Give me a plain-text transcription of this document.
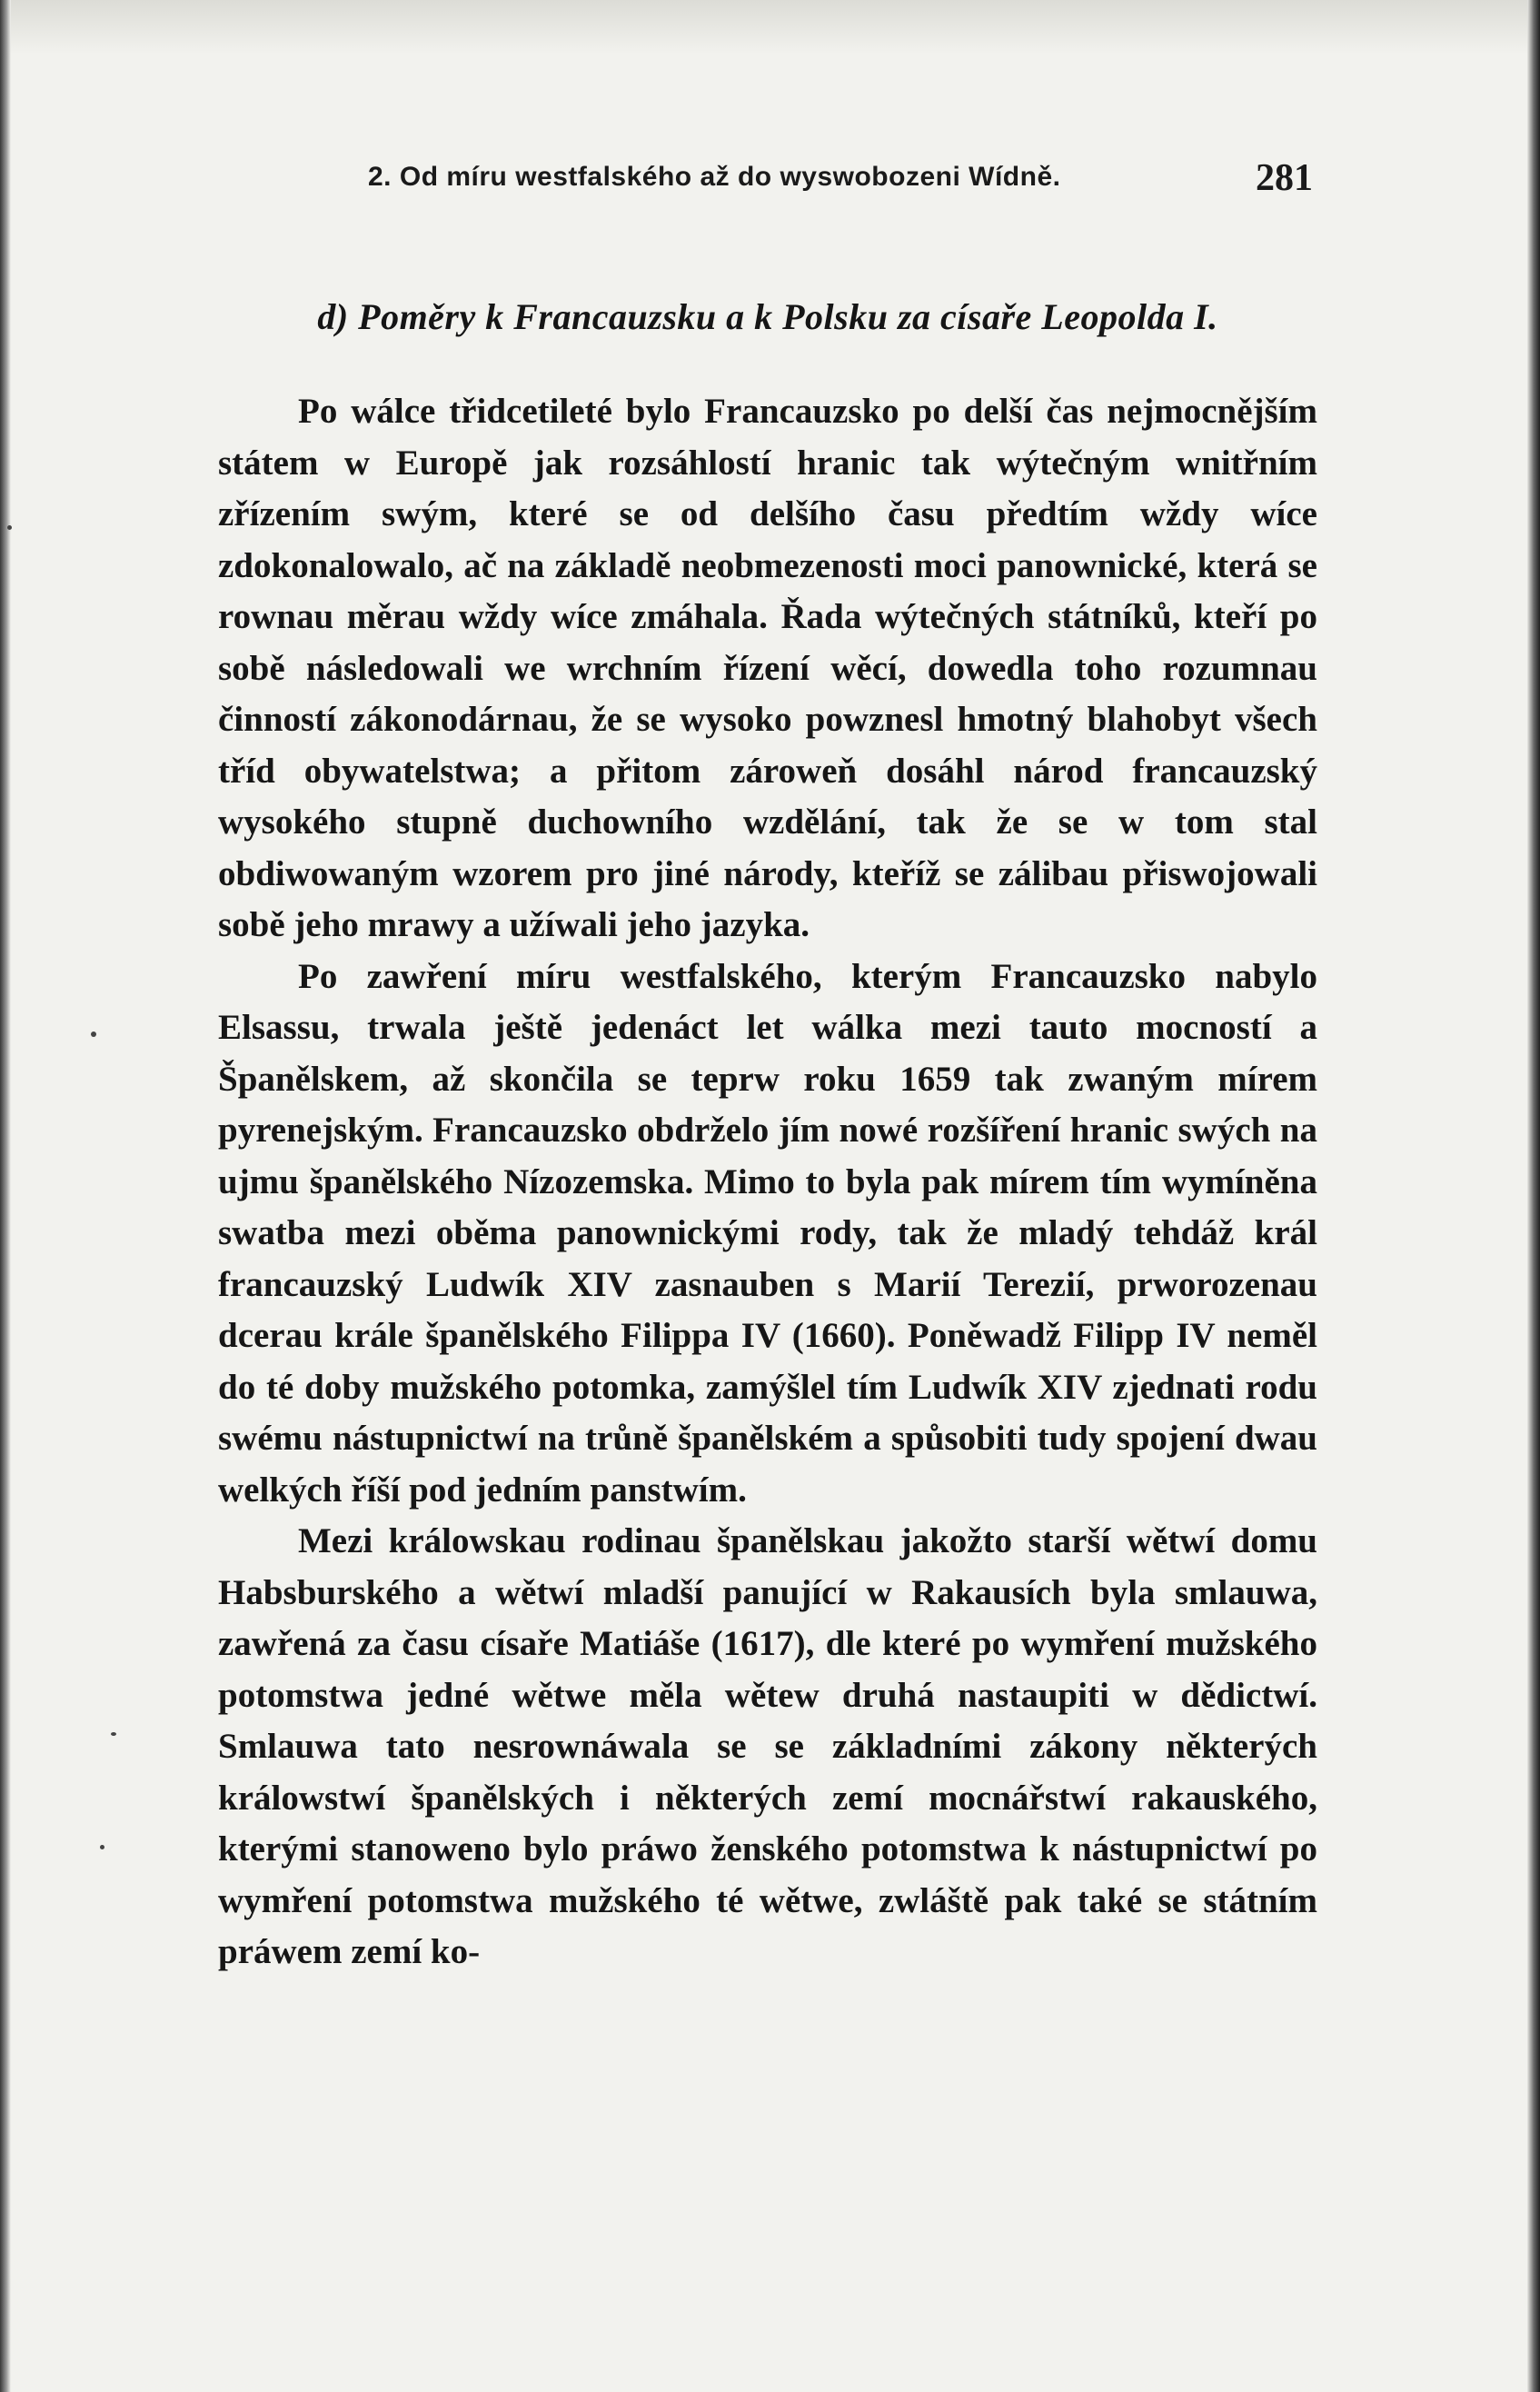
2. Od míru westfalského až do wyswobozeni Wídně.	281
d) Poměry k Francauzsku a k Polsku za císaře Leopolda I.

Po wálce třidcetileté bylo Francauzsko po delší čas nejmocnějším státem w Europě jak rozsáhlostí hranic tak wýtečným wnitřním zřízením swým, které se od delšího času předtím wždy wíce zdokonalowalo, ač na základě neobmezenosti moci panownické, která se rownau měrau wždy wíce zmáhala. Řada wýtečných státníků, kteří po sobě následowali we wrchním řízení wěcí, dowedla toho rozumnau činností zákonodárnau, že se wysoko powznesl hmotný blahobyt všech tříd obywatelstwa; a přitom zároweň dosáhl národ francauzský wysokého stupně duchowního wzdělání, tak že se w tom stal obdiwowaným wzorem pro jiné národy, kteříž se zálibau přiswojowali sobě jeho mrawy a užíwali jeho jazyka.

Po zawření míru westfalského, kterým Francauzsko nabylo Elsassu, trwala ještě jedenáct let wálka mezi tauto mocností a Španělskem, až skončila se teprw roku 1659 tak zwaným mírem pyrenejským. Francauzsko obdrželo jím nowé rozšíření hranic swých na ujmu španělského Nízozemska. Mimo to byla pak mírem tím wymíněna swatba mezi oběma panownickými rody, tak že mladý tehdáž král francauzský Ludwík XIV zasnauben s Marií Terezií, prworozenau dcerau krále španělského Filippa IV (1660). Poněwadž Filipp IV neměl do té doby mužského potomka, zamýšlel tím Ludwík XIV zjednati rodu swému nástupnictwí na trůně španělském a spůsobiti tudy spojení dwau welkých říší pod jedním panstwím.

Mezi králowskau rodinau španělskau jakožto starší wětwí domu Habsburského a wětwí mladší panující w Rakausích byla smlauwa, zawřená za času císaře Matiáše (1617), dle které po wymření mužského potomstwa jedné wětwe měla wětew druhá nastaupiti w dědictwí. Smlauwa tato nesrownáwala se se základními zákony některých králowstwí španělských i některých zemí mocnářstwí rakauského, kterými stanoweno bylo práwo ženského potomstwa k nástupnictwí po wymření potomstwa mužského té wětwe, zwláště pak také se státním práwem zemí ko-
